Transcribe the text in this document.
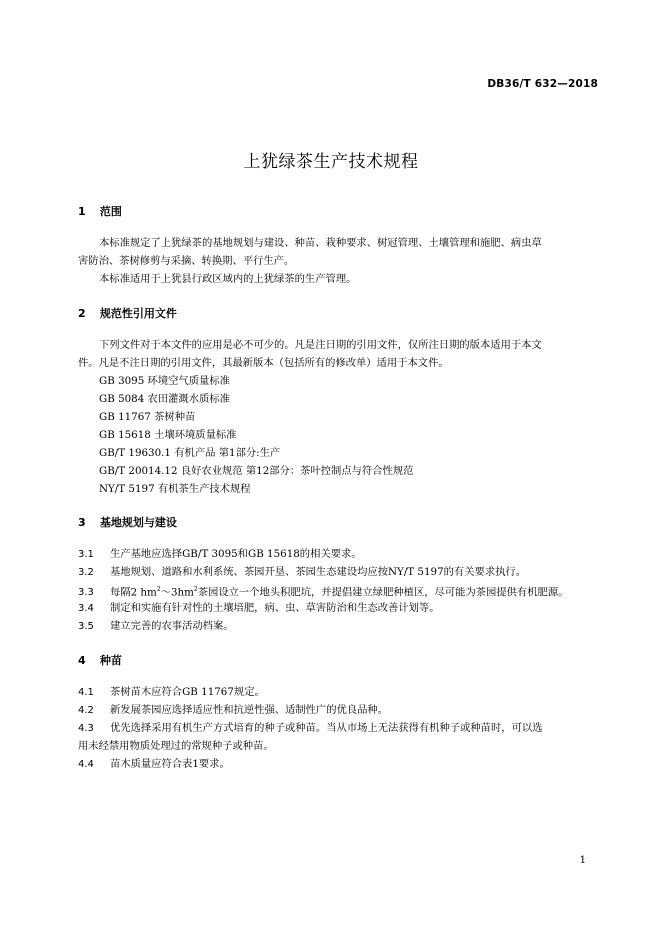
DB36/T 632—2018
上犹绿茶生产技术规程
1 范围
本标准规定了上犹绿茶的基地规划与建设、种苗、栽种要求、树冠管理、土壤管理和施肥、病虫草
害防治、茶树修剪与采摘、转换期、平行生产。
本标准适用于上犹县行政区域内的上犹绿茶的生产管理。
2 规范性引用文件
下列文件对于本文件的应用是必不可少的。凡是注日期的引用文件，仅所注日期的版本适用于本文
件。凡是不注日期的引用文件，其最新版本（包括所有的修改单）适用于本文件。
GB 3095 环境空气质量标准
GB 5084 农田灌溉水质标准
GB 11767 茶树种苗
GB 15618 土壤环境质量标准
GB/T 19630.1 有机产品 第1部分:生产
GB/T 20014.12 良好农业规范 第12部分：茶叶控制点与符合性规范
NY/T 5197 有机茶生产技术规程
3 基地规划与建设
3.1 生产基地应选择GB/T 3095和GB 15618的相关要求。
3.2 基地规划、道路和水利系统、茶园开垦、茶园生态建设均应按NY/T 5197的有关要求执行。
3.3 每隔2 $hm^2\sim 3hm^2$茶园设立一个地头积肥坑，并提倡建立绿肥种植区，尽可能为茶园提供有机肥源。
3.4 制定和实施有针对性的土壤培肥，病、虫、草害防治和生态改善计划等。
3.5 建立完善的农事活动档案。
4 种苗
4.1 茶树苗木应符合GB 11767规定。
4.2 新发展茶园应选择适应性和抗逆性强、适制性广的优良品种。
4.3 优先选择采用有机生产方式培育的种子或种苗。当从市场上无法获得有机种子或种苗时，可以选
用未经禁用物质处理过的常规种子或种苗。
4.4 苗木质量应符合表1要求。
1
